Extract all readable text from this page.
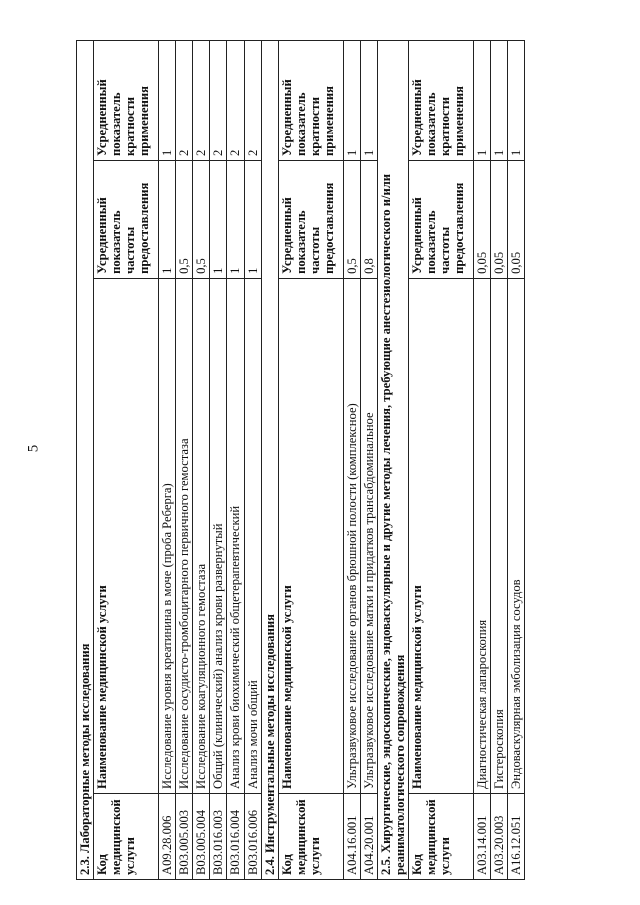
5
2.3. Лабораторные методы исследования			
Код медицинской услуги	Наименование медицинской услуги	Усредненный показатель частоты предоставления	Усредненный показатель кратности применения
A09.28.006	Исследование уровня креатинина в моче (проба Реберга)	1	1
B03.005.003	Исследование сосудисто-тромбоцитарного первичного гемостаза	0,5	2
B03.005.004	Исследование коагуляционного гемостаза	0,5	2
B03.016.003	Общий (клинический) анализ крови развернутый	1	2
B03.016.004	Анализ крови биохимический общетерапевтический	1	2
B03.016.006	Анализ мочи общий	1	2
2.4. Инструментальные методы исследования			
Код медицинской услуги	Наименование медицинской услуги	Усредненный показатель частоты предоставления	Усредненный показатель кратности применения
A04.16.001	Ультразвуковое исследование органов брюшной полости (комплексное)	0,5	1
A04.20.001	Ультразвуковое исследование матки и придатков трансабдоминальное	0,8	1
2.5. Хирургические, эндоскопические, эндоваскулярные и другие методы лечения, требующие анестезиологического и/или реаниматологического сопровождения			
Код медицинской услуги	Наименование медицинской услуги	Усредненный показатель частоты предоставления	Усредненный показатель кратности применения
A03.14.001	Диагностическая лапароскопия	0,05	1
A03.20.003	Гистероскопия	0,05	1
A16.12.051	Эндоваскулярная эмболизация сосудов	0,05	1
